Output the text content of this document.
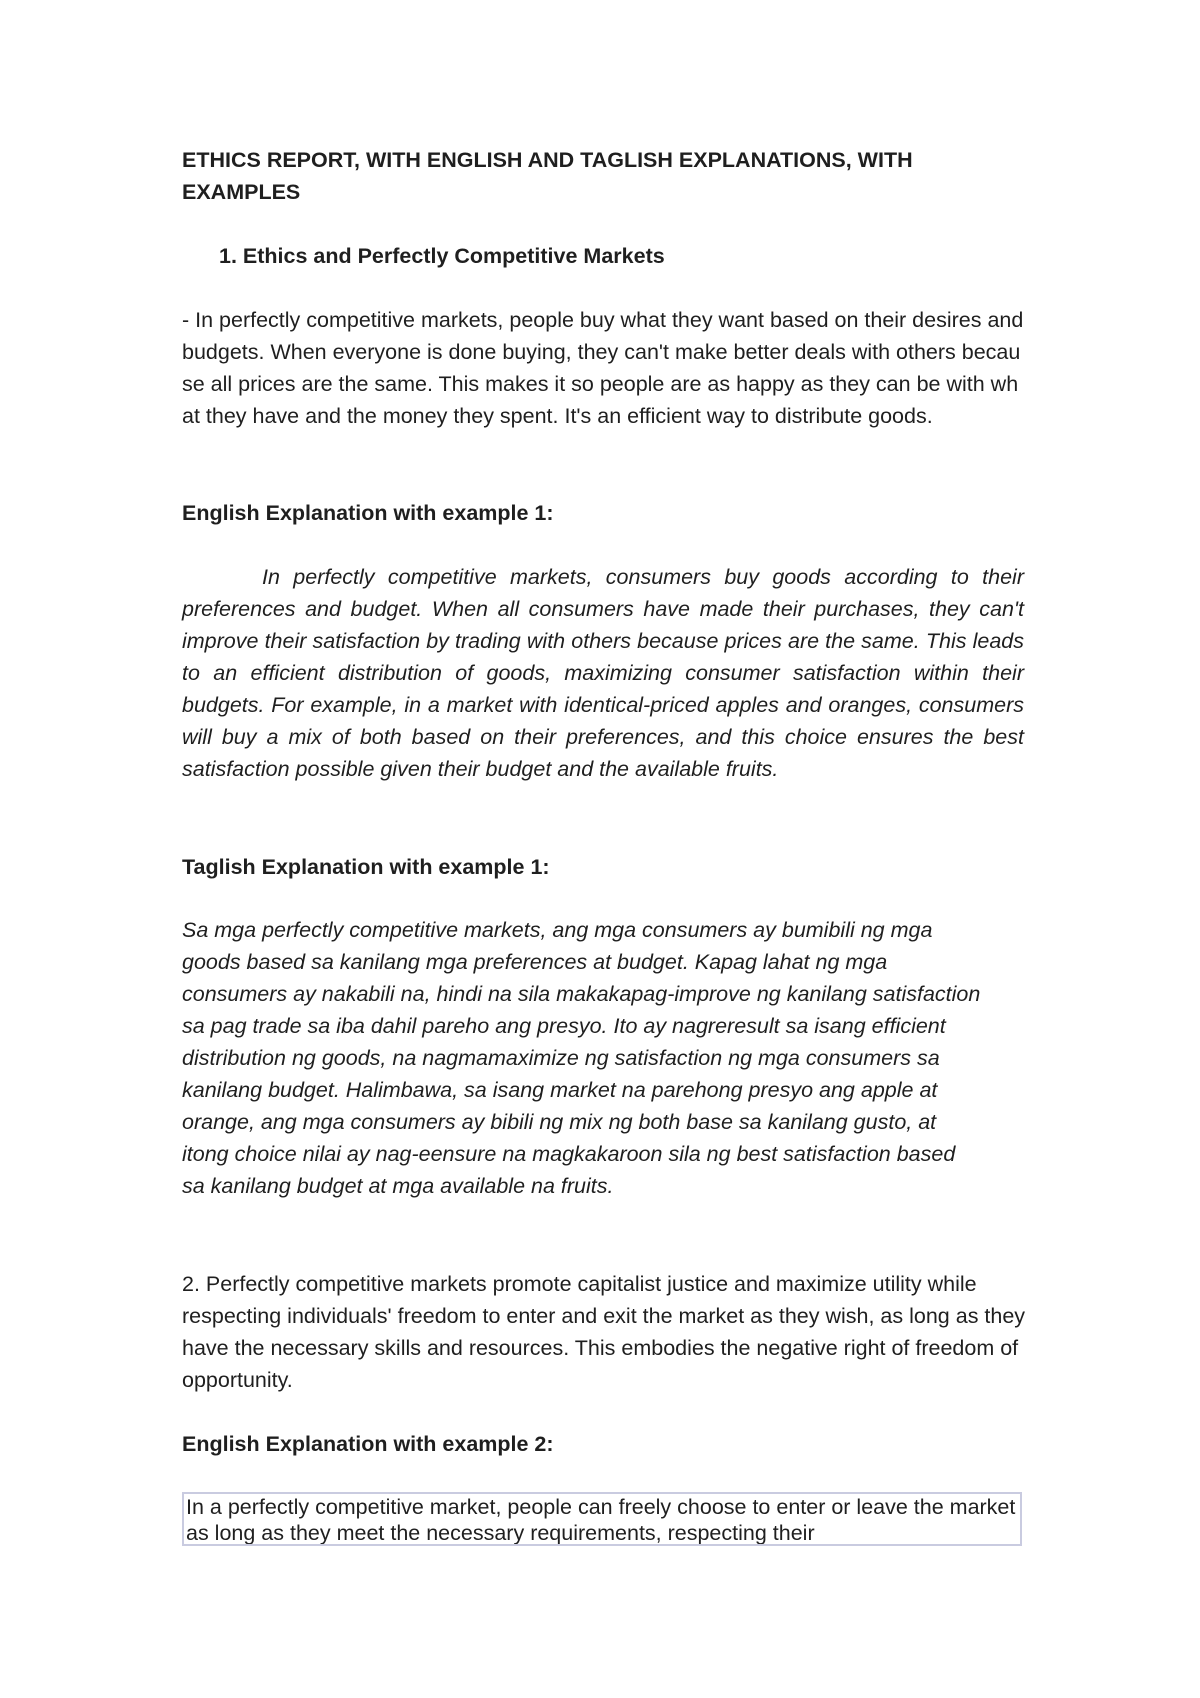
ETHICS REPORT, WITH ENGLISH AND TAGLISH EXPLANATIONS, WITH EXAMPLES

1. Ethics and Perfectly Competitive Markets

- In perfectly competitive markets, people buy what they want based on their desires and budgets. When everyone is done buying, they can't make better deals with others because all prices are the same. This makes it so people are as happy as they can be with what they have and the money they spent. It's an efficient way to distribute goods.

English Explanation with example 1:

In perfectly competitive markets, consumers buy goods according to their preferences and budget. When all consumers have made their purchases, they can't improve their satisfaction by trading with others because prices are the same. This leads to an efficient distribution of goods, maximizing consumer satisfaction within their budgets. For example, in a market with identical-priced apples and oranges, consumers will buy a mix of both based on their preferences, and this choice ensures the best satisfaction possible given their budget and the available fruits.

Taglish Explanation with example 1:

Sa mga perfectly competitive markets, ang mga consumers ay bumibili ng mga goods based sa kanilang mga preferences at budget. Kapag lahat ng mga consumers ay nakabili na, hindi na sila makakapag-improve ng kanilang satisfaction sa pag trade sa iba dahil pareho ang presyo. Ito ay nagreresult sa isang efficient distribution ng goods, na nagmamaximize ng satisfaction ng mga consumers sa kanilang budget. Halimbawa, sa isang market na parehong presyo ang apple at orange, ang mga consumers ay bibili ng mix ng both base sa kanilang gusto, at itong choice nilai ay nag-eensure na magkakaroon sila ng best satisfaction based sa kanilang budget at mga available na fruits.

2. Perfectly competitive markets promote capitalist justice and maximize utility while respecting individuals' freedom to enter and exit the market as they wish, as long as they have the necessary skills and resources. This embodies the negative right of freedom of opportunity.

English Explanation with example 2:

In a perfectly competitive market, people can freely choose to enter or leave the market as long as they meet the necessary requirements, respecting their
